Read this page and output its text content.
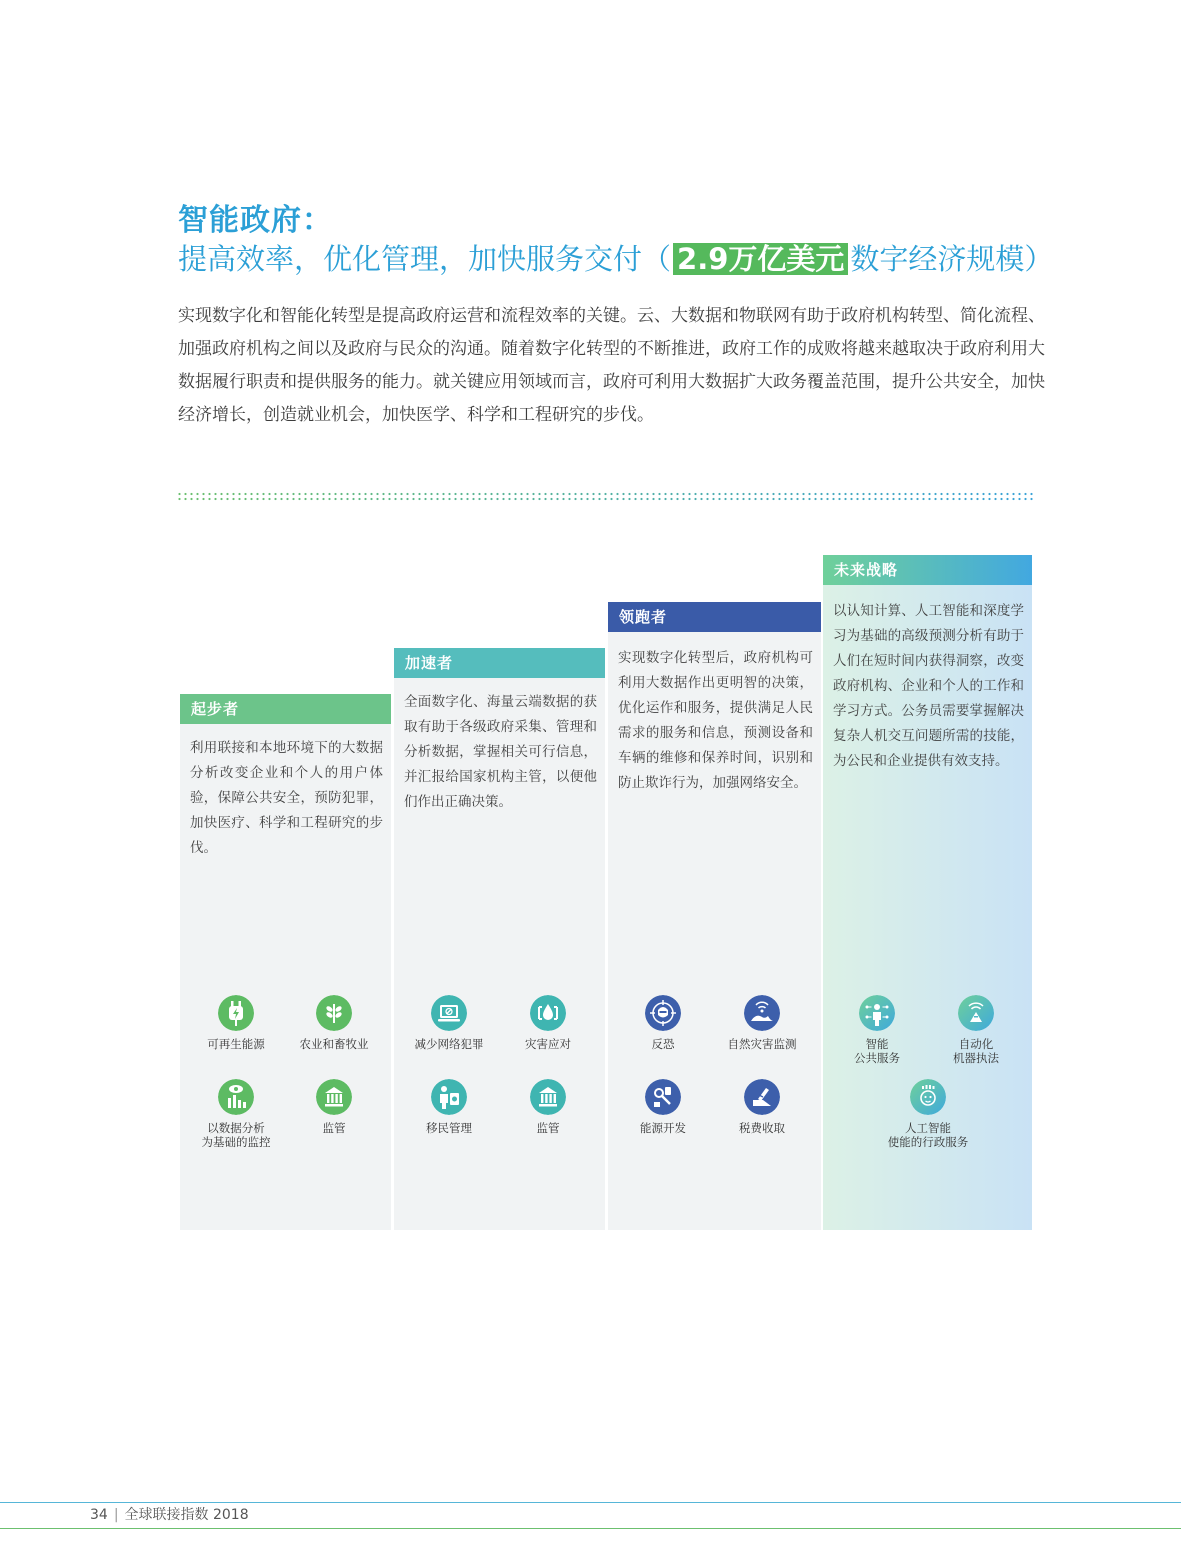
智能政府：
提高效率，优化管理，加快服务交付（ 2.9万亿美元 数字经济规模）

实现数字化和智能化转型是提高政府运营和流程效率的关键。云、大数据和物联网有助于政府机构转型、简化流程、加强政府机构之间以及政府与民众的沟通。随着数字化转型的不断推进，政府工作的成败将越来越取决于政府利用大数据履行职责和提供服务的能力。就关键应用领域而言，政府可利用大数据扩大政务覆盖范围，提升公共安全，加快经济增长，创造就业机会，加快医学、科学和工程研究的步伐。

起步者

利用联接和本地环境下的大数据分析改变企业和个人的用户体验，保障公共安全，预防犯罪，加快医疗、科学和工程研究的步伐。

加速者

全面数字化、海量云端数据的获取有助于各级政府采集、管理和分析数据，掌握相关可行信息，并汇报给国家机构主管，以便他们作出正确决策。

领跑者

实现数字化转型后，政府机构可利用大数据作出更明智的决策，优化运作和服务，提供满足人民需求的服务和信息，预测设备和车辆的维修和保养时间，识别和防止欺诈行为，加强网络安全。

未来战略

以认知计算、人工智能和深度学习为基础的高级预测分析有助于人们在短时间内获得洞察，改变政府机构、企业和个人的工作和学习方式。公务员需要掌握解决复杂人机交互问题所需的技能，为公民和企业提供有效支持。

可再生能源	农业和畜牧业
以数据分析
为基础的监控
监管
减少网络犯罪	灾害应对
移民管理	监管
反恐	自然灾害监测
能源开发	税费收取
智能
公共服务
自动化
机器执法
人工智能
使能的行政服务
34 | 全球联接指数 2018
